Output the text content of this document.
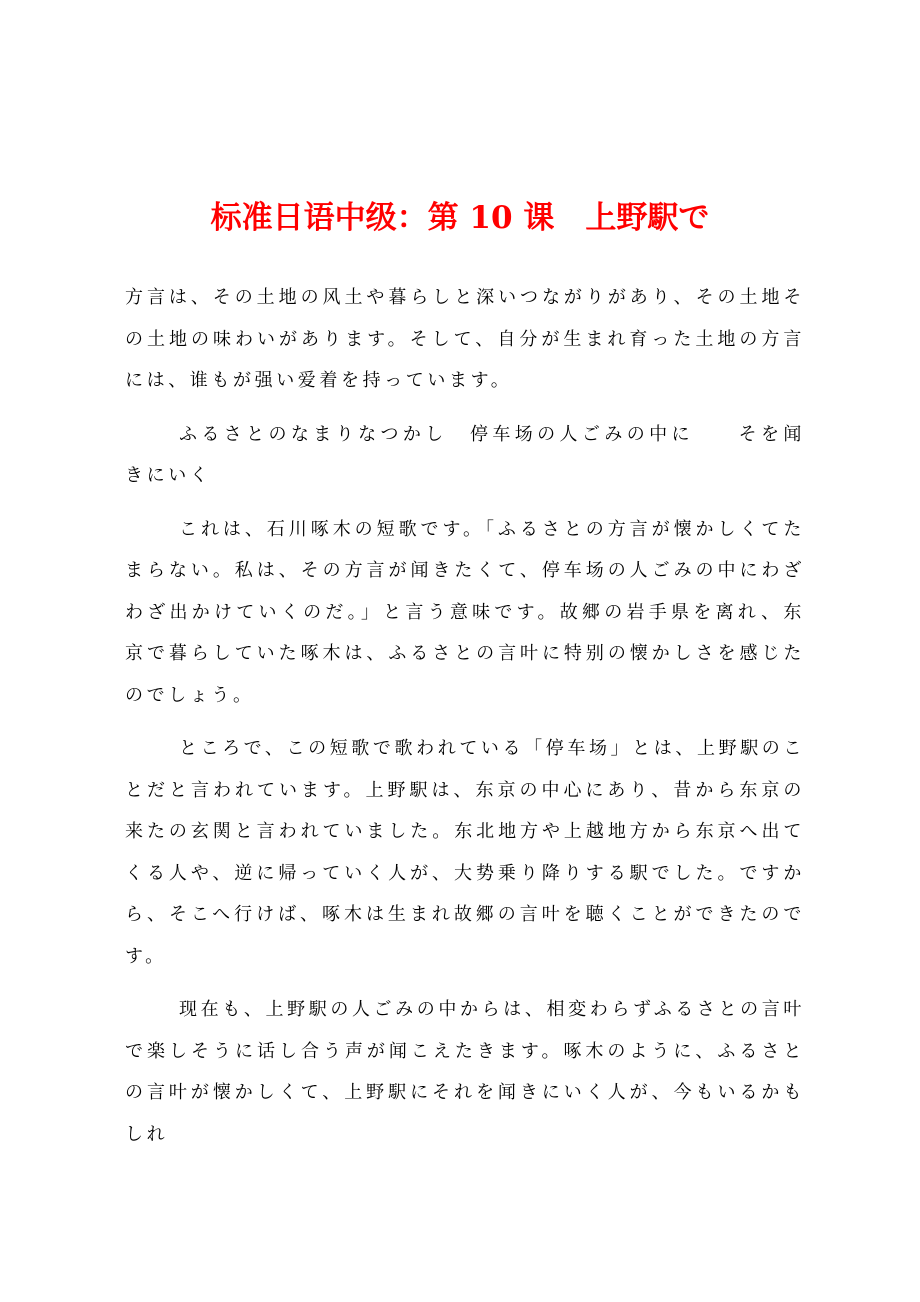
标准日语中级：第 10 课　上野駅で

方言は、その土地の风土や暮らしと深いつながりがあり、その土地その土地の味わいがあります。そして、自分が生まれ育った土地の方言には、谁もが强い爱着を持っています。

ふるさとのなまりなつかし　停车场の人ごみの中に　　そを闻きにいく

これは、石川啄木の短歌です。「ふるさとの方言が懐かしくてたまらない。私は、その方言が闻きたくて、停车场の人ごみの中にわざわざ出かけていくのだ。」と言う意味です。故郷の岩手県を离れ、东京で暮らしていた啄木は、ふるさとの言叶に特别の懐かしさを感じたのでしょう。

ところで、この短歌で歌われている「停车场」とは、上野駅のことだと言われています。上野駅は、东京の中心にあり、昔から东京の来たの玄関と言われていました。东北地方や上越地方から东京へ出てくる人や、逆に帰っていく人が、大势乗り降りする駅でした。ですから、そこへ行けば、啄木は生まれ故郷の言叶を聴くことができたのです。

现在も、上野駅の人ごみの中からは、相変わらずふるさとの言叶で楽しそうに话し合う声が闻こえたきます。啄木のように、ふるさとの言叶が懐かしくて、上野駅にそれを闻きにいく人が、今もいるかもしれ
